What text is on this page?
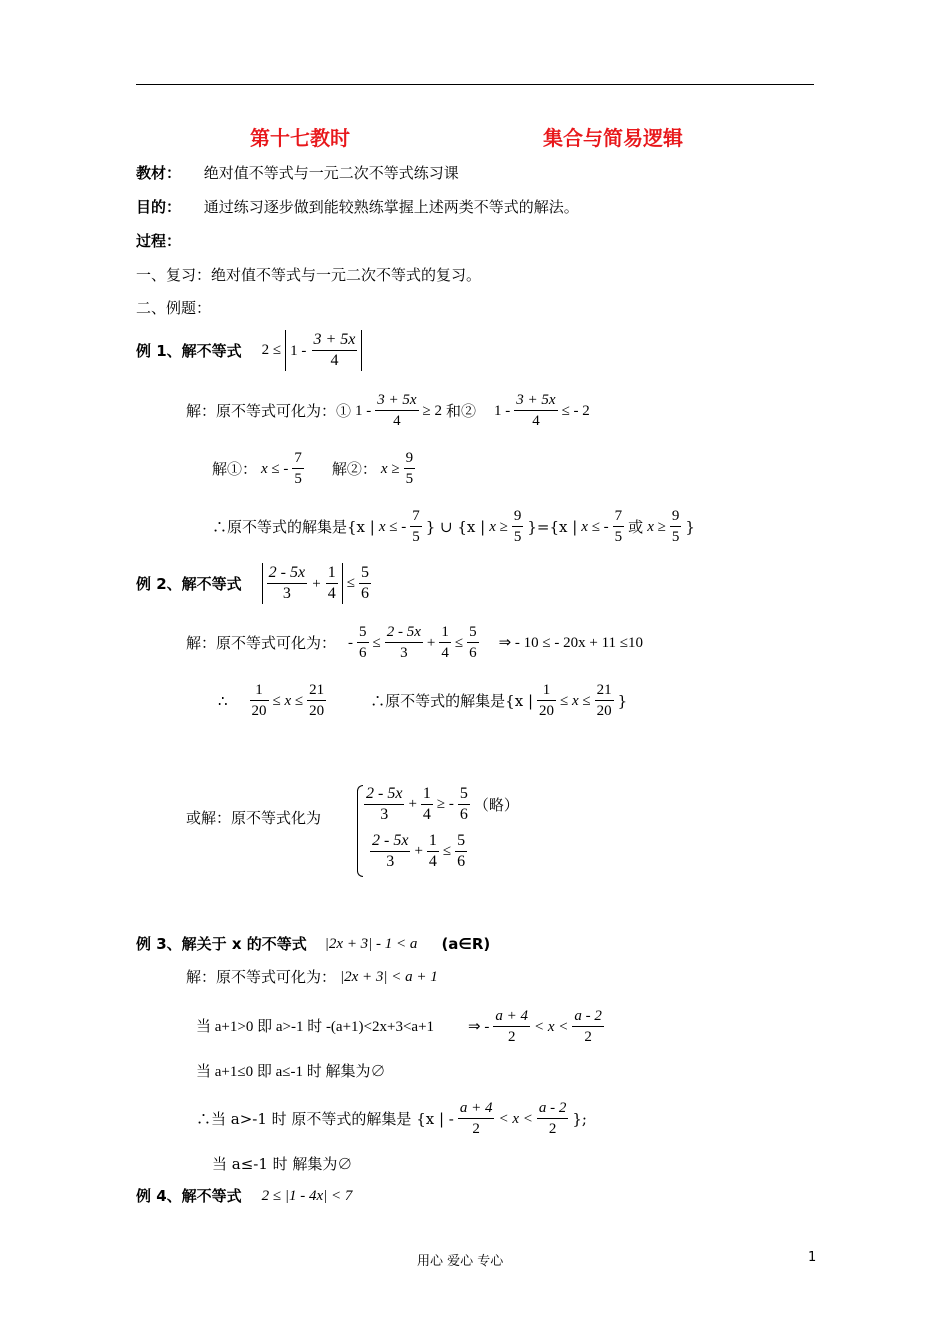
第十七教时	集合与简易逻辑
教材： 绝对值不等式与一元二次不等式练习课
目的： 通过练习逐步做到能较熟练掌握上述两类不等式的解法。
过程：
一、复习：绝对值不等式与一元二次不等式的复习。
二、例题：
例 1、解不等式 $2 \le 1 - \frac{3 + 5x}{4}$
解：原不等式可化为：① $1 - \frac{3 + 5x}{4} \ge 2$ 和② $1 - \frac{3 + 5x}{4}$ ≤ - 2
解①： x ≤ - $\frac{7}{5}$ 解②： $x \ge \frac{9}{5}$
∴原不等式的解集是{x | x ≤ - $\frac{7}{5}$ } ∪ {x | $x \ge \frac{9}{5} \}=\{x$ | x ≤ - $\frac{7}{5}$ 或 $x \ge \frac{9}{5}$ }
例 2、解不等式 $\frac{2 - 5x}{3} + \frac{1}{4} \le \frac{5}{6}$
解：原不等式可化为： - $\frac{5}{6} \le \frac{2 - 5x}{3} + \frac{1}{4} \le \frac{5}{6}$ ⇒ - 10 ≤ - 20x + 11 ≤10
∴ $\frac{1}{20} \le x \le \frac{21}{20}$	∴原不等式的解集是{x | $\frac{1}{20} \le x \le \frac{21}{20}$ }
或解：原不等式化为	$\frac{2 - 5x}{3} + \frac{1}{4}$ ≥ - $\frac{5}{6}$ （略）
$\frac{2 - 5x}{3} + \frac{1}{4} \le \frac{5}{6}$
例 3、解关于 x 的不等式 |2x + 3| - 1 < a (a∈R)
解：原不等式可化为： |2x + 3| < a + 1
当 a+1>0 即 a>-1 时 -(a+1)<2x+3<a+1 ⇒ - $\frac{a + 4}{2} < x < \frac{a - 2}{2}$
当 a+1≤0 即 a≤-1 时 解集为∅
∴当 a>-1 时 原不等式的解集是 {x | - $\frac{a + 4}{2} < x < \frac{a - 2}{2}$ };
当 a≤-1 时 解集为∅
例 4、解不等式 2 ≤ |1 - 4x| < 7
用心 爱心 专心	1
